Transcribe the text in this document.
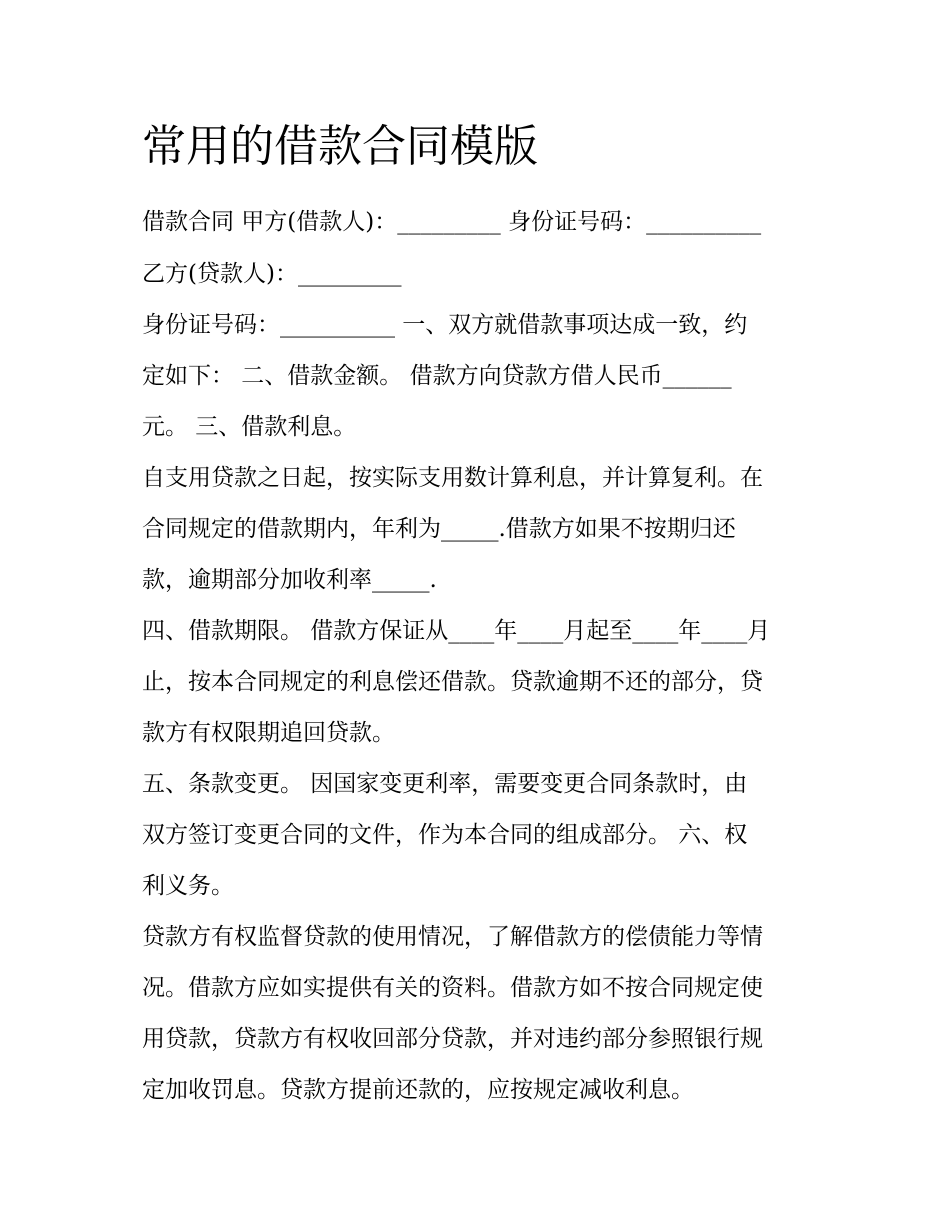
常用的借款合同模版

借款合同 甲方(借款人)：_________ 身份证号码：__________

乙方(贷款人)：_________

身份证号码：__________ 一、双方就借款事项达成一致，约

定如下： 二、借款金额。 借款方向贷款方借人民币______

元。 三、借款利息。

自支用贷款之日起，按实际支用数计算利息，并计算复利。在

合同规定的借款期内，年利为_____.借款方如果不按期归还

款，逾期部分加收利率_____.

四、借款期限。 借款方保证从____年____月起至____年____月

止，按本合同规定的利息偿还借款。贷款逾期不还的部分，贷

款方有权限期追回贷款。

五、条款变更。 因国家变更利率，需要变更合同条款时，由

双方签订变更合同的文件，作为本合同的组成部分。 六、权

利义务。

贷款方有权监督贷款的使用情况，了解借款方的偿债能力等情

况。借款方应如实提供有关的资料。借款方如不按合同规定使

用贷款，贷款方有权收回部分贷款，并对违约部分参照银行规

定加收罚息。贷款方提前还款的，应按规定减收利息。
